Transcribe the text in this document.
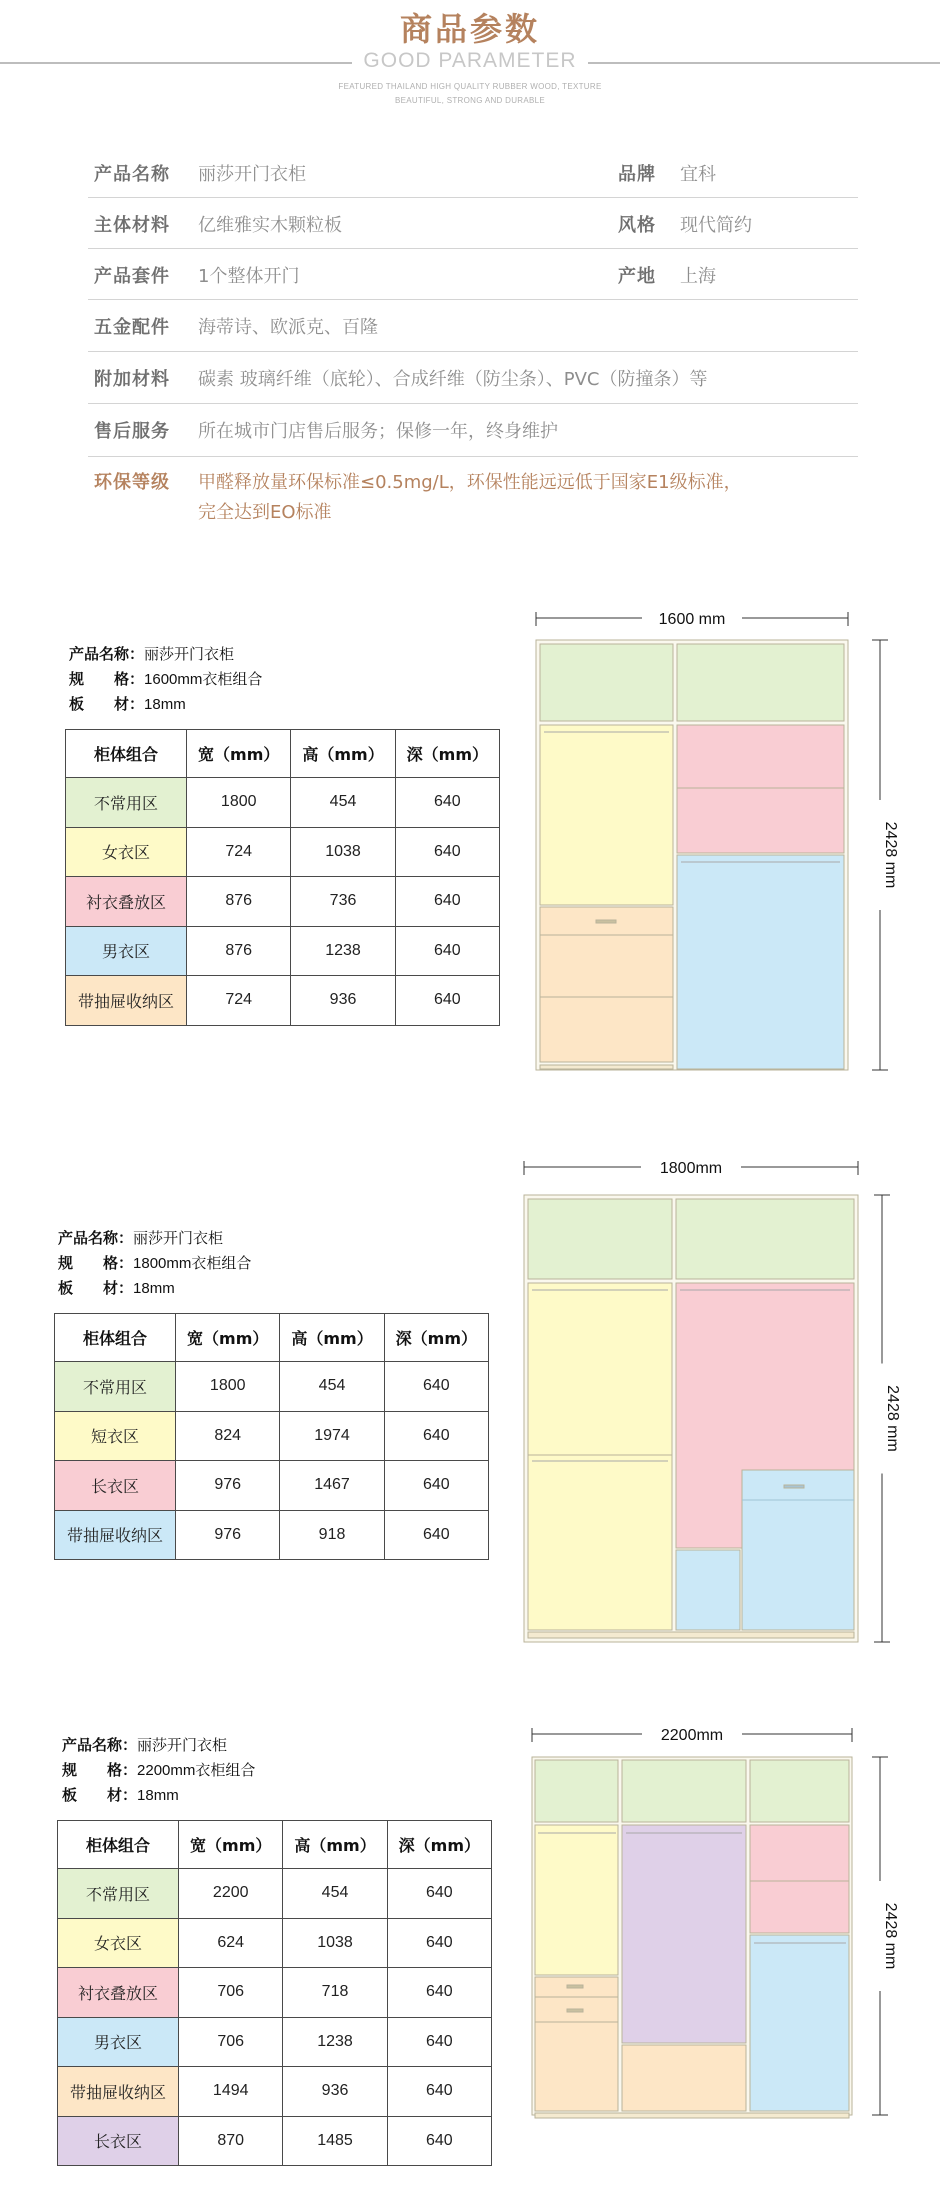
商品参数
GOOD PARAMETER
FEATURED THAILAND HIGH QUALITY RUBBER WOOD, TEXTURE
BEAUTIFUL, STRONG AND DURABLE
产品名称 丽莎开门衣柜	品牌 宜科
主体材料 亿维雅实木颗粒板	风格 现代简约
产品套件 1个整体开门	产地 上海
五金配件 海蒂诗、欧派克、百隆
附加材料 碳素 玻璃纤维（底轮）、合成纤维（防尘条）、PVC（防撞条）等
售后服务 所在城市门店售后服务；保修一年，终身维护
环保等级 甲醛释放量环保标准≤0.5mg/L，环保性能远远低于国家E1级标准，
完全达到EO标准
产品名称：丽莎开门衣柜
规　　格：1600mm衣柜组合
板　　材：18mm
柜体组合	宽（mm）	高（mm）	深（mm）
不常用区	1800	454	640
女衣区	724	1038	640
衬衣叠放区	876	736	640
男衣区	876	1238	640
带抽屉收纳区	724	936	640
1600 mm
2428 mm
产品名称：丽莎开门衣柜
规　　格：1800mm衣柜组合
板　　材：18mm
柜体组合	宽（mm）	高（mm）	深（mm）
不常用区	1800	454	640
短衣区	824	1974	640
长衣区	976	1467	640
带抽屉收纳区	976	918	640
1800mm
2428 mm
产品名称：丽莎开门衣柜
规　　格：2200mm衣柜组合
板　　材：18mm
柜体组合	宽（mm）	高（mm）	深（mm）
不常用区	2200	454	640
女衣区	624	1038	640
衬衣叠放区	706	718	640
男衣区	706	1238	640
带抽屉收纳区	1494	936	640
长衣区	870	1485	640
2200mm
2428 mm
